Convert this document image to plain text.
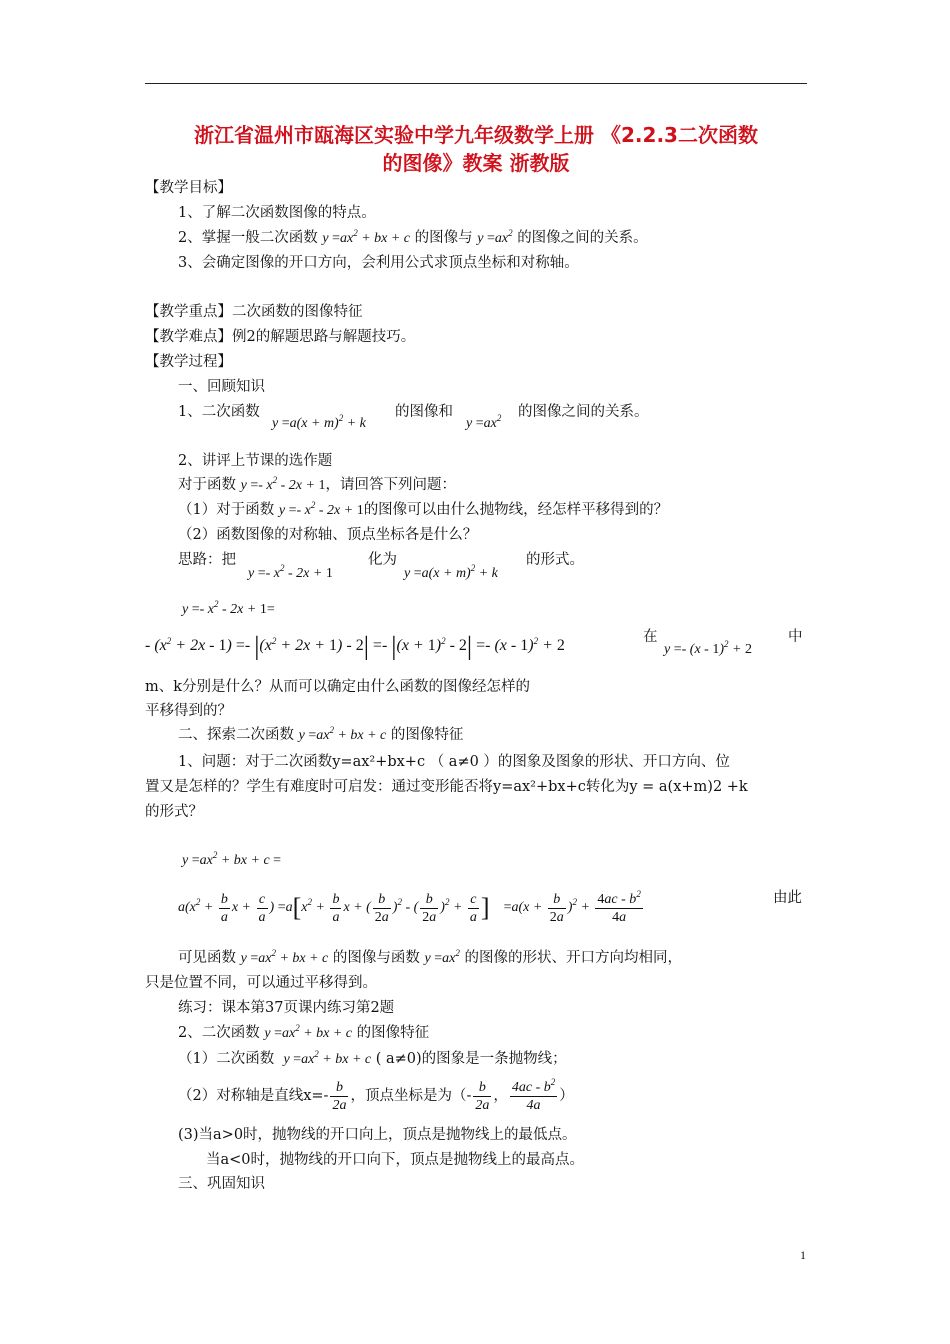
浙江省温州市瓯海区实验中学九年级数学上册 《2.2.3二次函数
的图像》教案 浙教版
【教学目标】
1、了解二次函数图像的特点。
2、掌握一般二次函数 $y =ax^2$ + bx + c 的图像与 $y =ax^2$ 的图像之间的关系。
3、会确定图像的开口方向，会利用公式求顶点坐标和对称轴。
【教学重点】二次函数的图像特征
【教学难点】例2的解题思路与解题技巧。
【教学过程】
一、回顾知识
1、二次函数
$y =a(x + m)^2 + k$
的图像和
$y =ax^2$ 的图像之间的关系。
2、讲评上节课的选作题
对于函数 $y =- x^2 - 2x + 1$，请回答下列问题：
（1）对于函数 $y =- x^2 - 2x + 1$的图像可以由什么抛物线，经怎样平移得到的？
（2）函数图像的对称轴、顶点坐标各是什么？
思路：把
$y =- x^2 - 2x + 1$
化为
$y =a(x + m)^2 + k$
的形式。
$y =- x^2 - 2x + 1=$
- $(x^2 + 2x - 1) =- |(x^2 + 2x + 1) - 2| =- |(x + 1)^2 - 2| =- (x - 1)^2 + 2$	在
y =- (x - 1)$^2$ + 2
中
m、k分别是什么？从而可以确定由什么函数的图像经怎样的
平移得到的？
二、探索二次函数 $y =ax^2$ + bx + c 的图像特征
1、问题：对于二次函数y=ax²+bx+c （ a≠0 ）的图象及图象的形状、开口方向、位
置又是怎样的？学生有难度时可启发：通过变形能否将y=ax²+bx+c转化为y = a(x+m)2 +k
的形式？
$y =ax^2$ + bx + c =
$a(x^2 + \frac{b}{a}$ $x + \frac{c}{a}$ ) $=a[x^2 + \frac{b}{a}$ x + ( $\frac{b}{2a} )^2$ - ( $\frac{b}{2a} )^2 + \frac{c}{a}$ ] $=a(x + \frac{b}{2a} )^2 + \frac{4ac - b^2}{4a}$	由此
可见函数 $y =ax^2$ + bx + c 的图像与函数 $y =ax^2$ 的图像的形状、开口方向均相同，
只是位置不同，可以通过平移得到。
练习：课本第37页课内练习第2题
2、二次函数 $y =ax^2$ + bx + c 的图像特征
（1）二次函数 $y =ax^2$ + bx + c ( a≠0)的图象是一条抛物线；
（2）对称轴是直线$x=- \frac{b}{2a}$ ，顶点坐标是为（- $\frac{b}{2a}$ ， $\frac{4ac - b^2}{4a}$ ）
(3)当a>0时，抛物线的开口向上，顶点是抛物线上的最低点。
当a<0时，抛物线的开口向下，顶点是抛物线上的最高点。
三、巩固知识
1
